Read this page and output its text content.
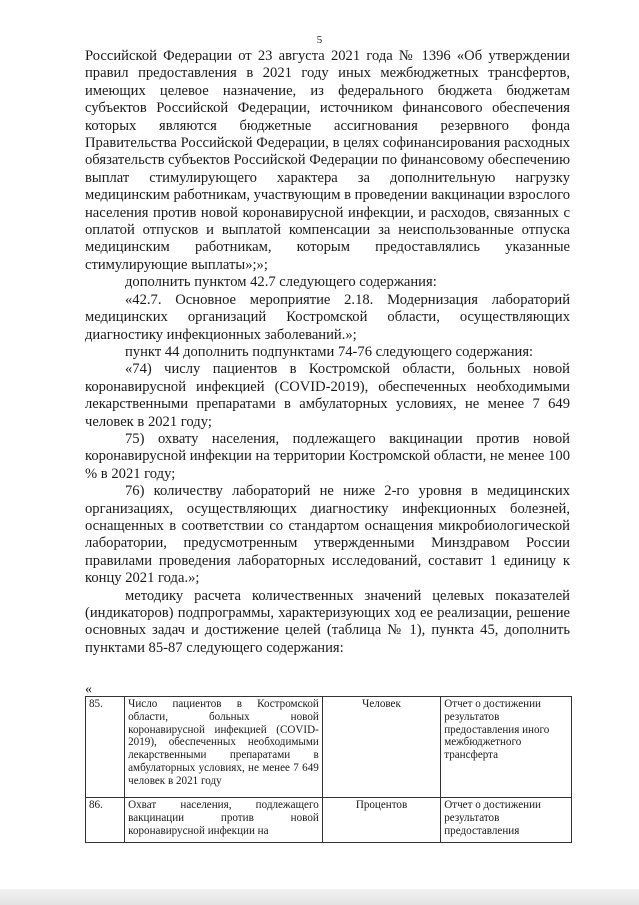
5

Российской Федерации от 23 августа 2021 года № 1396 «Об утверждении правил предоставления в 2021 году иных межбюджетных трансфертов, имеющих целевое назначение, из федерального бюджета бюджетам субъектов Российской Федерации, источником финансового обеспечения которых являются бюджетные ассигнования резервного фонда Правительства Российской Федерации, в целях софинансирования расходных обязательств субъектов Российской Федерации по финансовому обеспечению выплат стимулирующего характера за дополнительную нагрузку медицинским работникам, участвующим в проведении вакцинации взрослого населения против новой коронавирусной инфекции, и расходов, связанных с оплатой отпусков и выплатой компенсации за неиспользованные отпуска медицинским работникам, которым предоставлялись указанные стимулирующие выплаты»;»;

дополнить пунктом 42.7 следующего содержания:

«42.7. Основное мероприятие 2.18. Модернизация лабораторий медицинских организаций Костромской области, осуществляющих диагностику инфекционных заболеваний.»;

пункт 44 дополнить подпунктами 74-76 следующего содержания:

«74) числу пациентов в Костромской области, больных новой коронавирусной инфекцией (COVID-2019), обеспеченных необходимыми лекарственными препаратами в амбулаторных условиях, не менее 7 649 человек в 2021 году;

75) охвату населения, подлежащего вакцинации против новой коронавирусной инфекции на территории Костромской области, не менее 100 % в 2021 году;

76) количеству лабораторий не ниже 2-го уровня в медицинских организациях, осуществляющих диагностику инфекционных болезней, оснащенных в соответствии со стандартом оснащения микробиологической лаборатории, предусмотренным утвержденными Минздравом России правилами проведения лабораторных исследований, составит 1 единицу к концу 2021 года.»;

методику расчета количественных значений целевых показателей (индикаторов) подпрограммы, характеризующих ход ее реализации, решение основных задач и достижение целей (таблица № 1), пункта 45, дополнить пунктами 85-87 следующего содержания:

«
85.	Число пациентов в Костромской области, больных новой коронавирусной инфекцией (COVID-2019), обеспеченных необходимыми лекарственными препаратами в амбулаторных условиях, не менее 7 649 человек в 2021 году	Человек	Отчет о достижении результатов предоставления иного межбюджетного трансферта
86.	Охват населения, подлежащего вакцинации против новой коронавирусной инфекции на	Процентов	Отчет о достижении результатов предоставления
